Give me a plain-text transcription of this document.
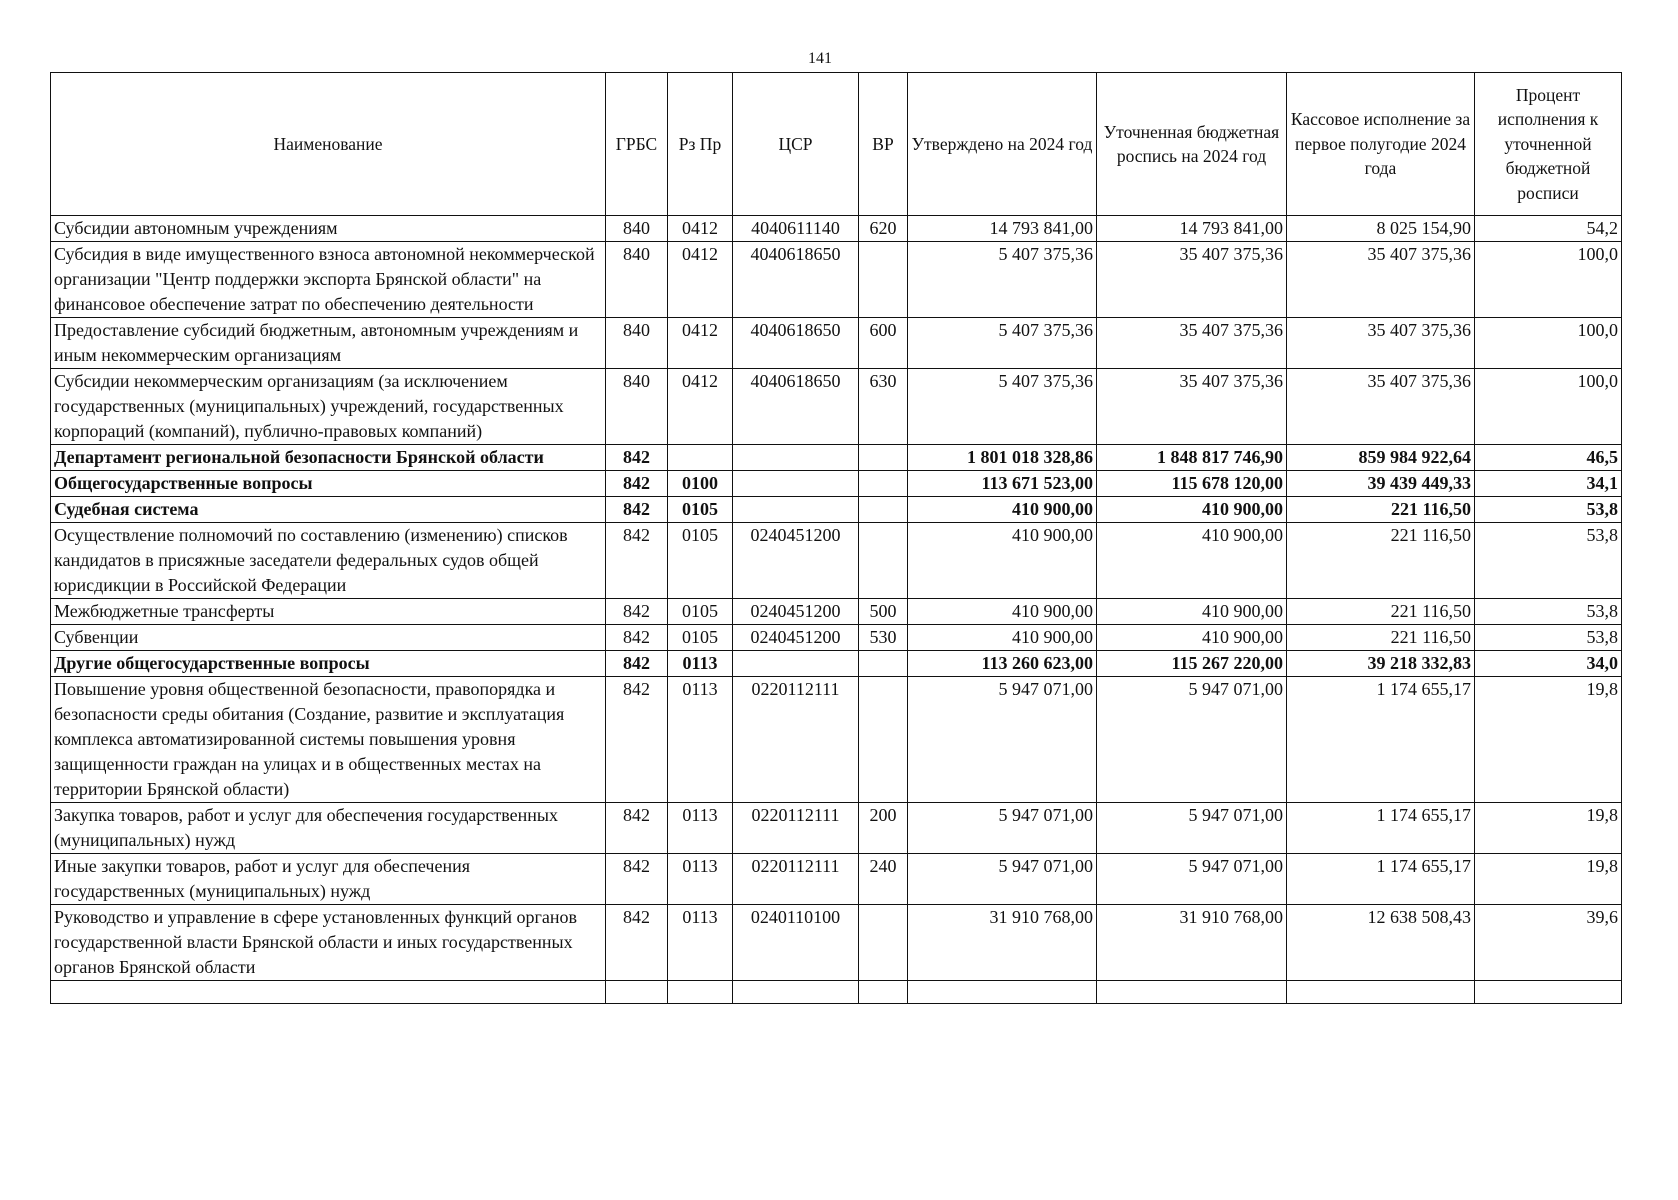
141
Наименование	ГРБС	Рз Пр	ЦСР	ВР	Утверждено на 2024 год	Уточненная бюджетная роспись на 2024 год	Кассовое исполнение за первое полугодие 2024 года	Процент исполнения к уточненной бюджетной росписи
Субсидии автономным учреждениям	840	0412	4040611140	620	14 793 841,00	14 793 841,00	8 025 154,90	54,2
Субсидия в виде имущественного взноса автономной некоммерческой организации "Центр поддержки экспорта Брянской области" на финансовое обеспечение затрат по обеспечению деятельности	840	0412	4040618650		5 407 375,36	35 407 375,36	35 407 375,36	100,0
Предоставление субсидий бюджетным, автономным учреждениям и иным некоммерческим организациям	840	0412	4040618650	600	5 407 375,36	35 407 375,36	35 407 375,36	100,0
Субсидии некоммерческим организациям (за исключением государственных (муниципальных) учреждений, государственных корпораций (компаний), публично-правовых компаний)	840	0412	4040618650	630	5 407 375,36	35 407 375,36	35 407 375,36	100,0
Департамент региональной безопасности Брянской области	842				1 801 018 328,86	1 848 817 746,90	859 984 922,64	46,5
Общегосударственные вопросы	842	0100			113 671 523,00	115 678 120,00	39 439 449,33	34,1
Судебная система	842	0105			410 900,00	410 900,00	221 116,50	53,8
Осуществление полномочий по составлению (изменению) списков кандидатов в присяжные заседатели федеральных судов общей юрисдикции в Российской Федерации	842	0105	0240451200		410 900,00	410 900,00	221 116,50	53,8
Межбюджетные трансферты	842	0105	0240451200	500	410 900,00	410 900,00	221 116,50	53,8
Субвенции	842	0105	0240451200	530	410 900,00	410 900,00	221 116,50	53,8
Другие общегосударственные вопросы	842	0113			113 260 623,00	115 267 220,00	39 218 332,83	34,0
Повышение уровня общественной безопасности, правопорядка и безопасности среды обитания (Создание, развитие и эксплуатация комплекса автоматизированной системы повышения уровня защищенности граждан на улицах и в общественных местах на территории Брянской области)	842	0113	0220112111		5 947 071,00	5 947 071,00	1 174 655,17	19,8
Закупка товаров, работ и услуг для обеспечения государственных (муниципальных) нужд	842	0113	0220112111	200	5 947 071,00	5 947 071,00	1 174 655,17	19,8
Иные закупки товаров, работ и услуг для обеспечения государственных (муниципальных) нужд	842	0113	0220112111	240	5 947 071,00	5 947 071,00	1 174 655,17	19,8
Руководство и управление в сфере установленных функций органов государственной власти Брянской области и иных государственных органов Брянской области	842	0113	0240110100		31 910 768,00	31 910 768,00	12 638 508,43	39,6
